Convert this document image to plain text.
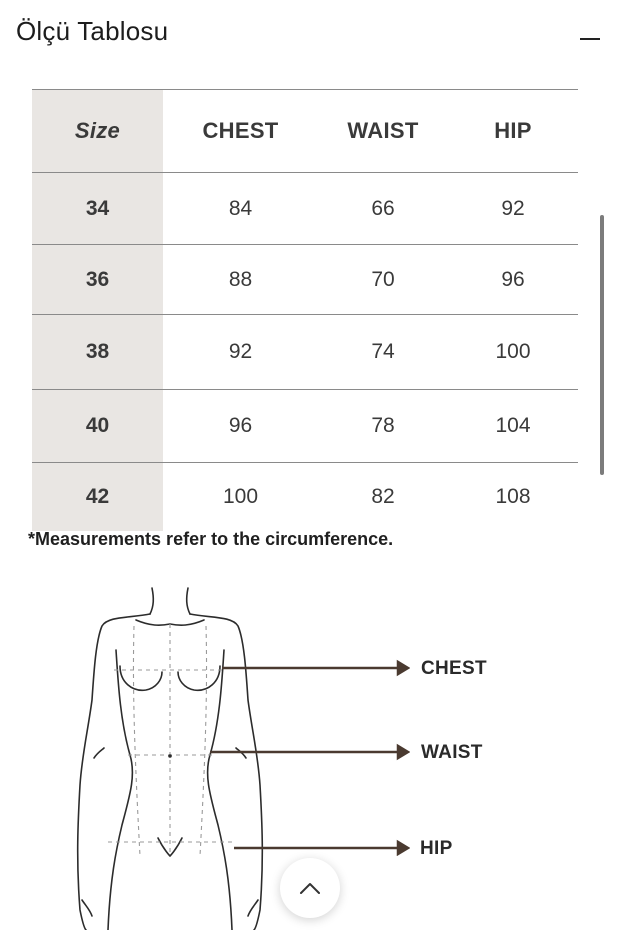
Ölçü Tablosu
Size	CHEST	WAIST	HIP
34	84	66	92
36	88	70	96
38	92	74	100
40	96	78	104
42	100	82	108
*Measurements refer to the circumference.
CHEST
WAIST
HIP
